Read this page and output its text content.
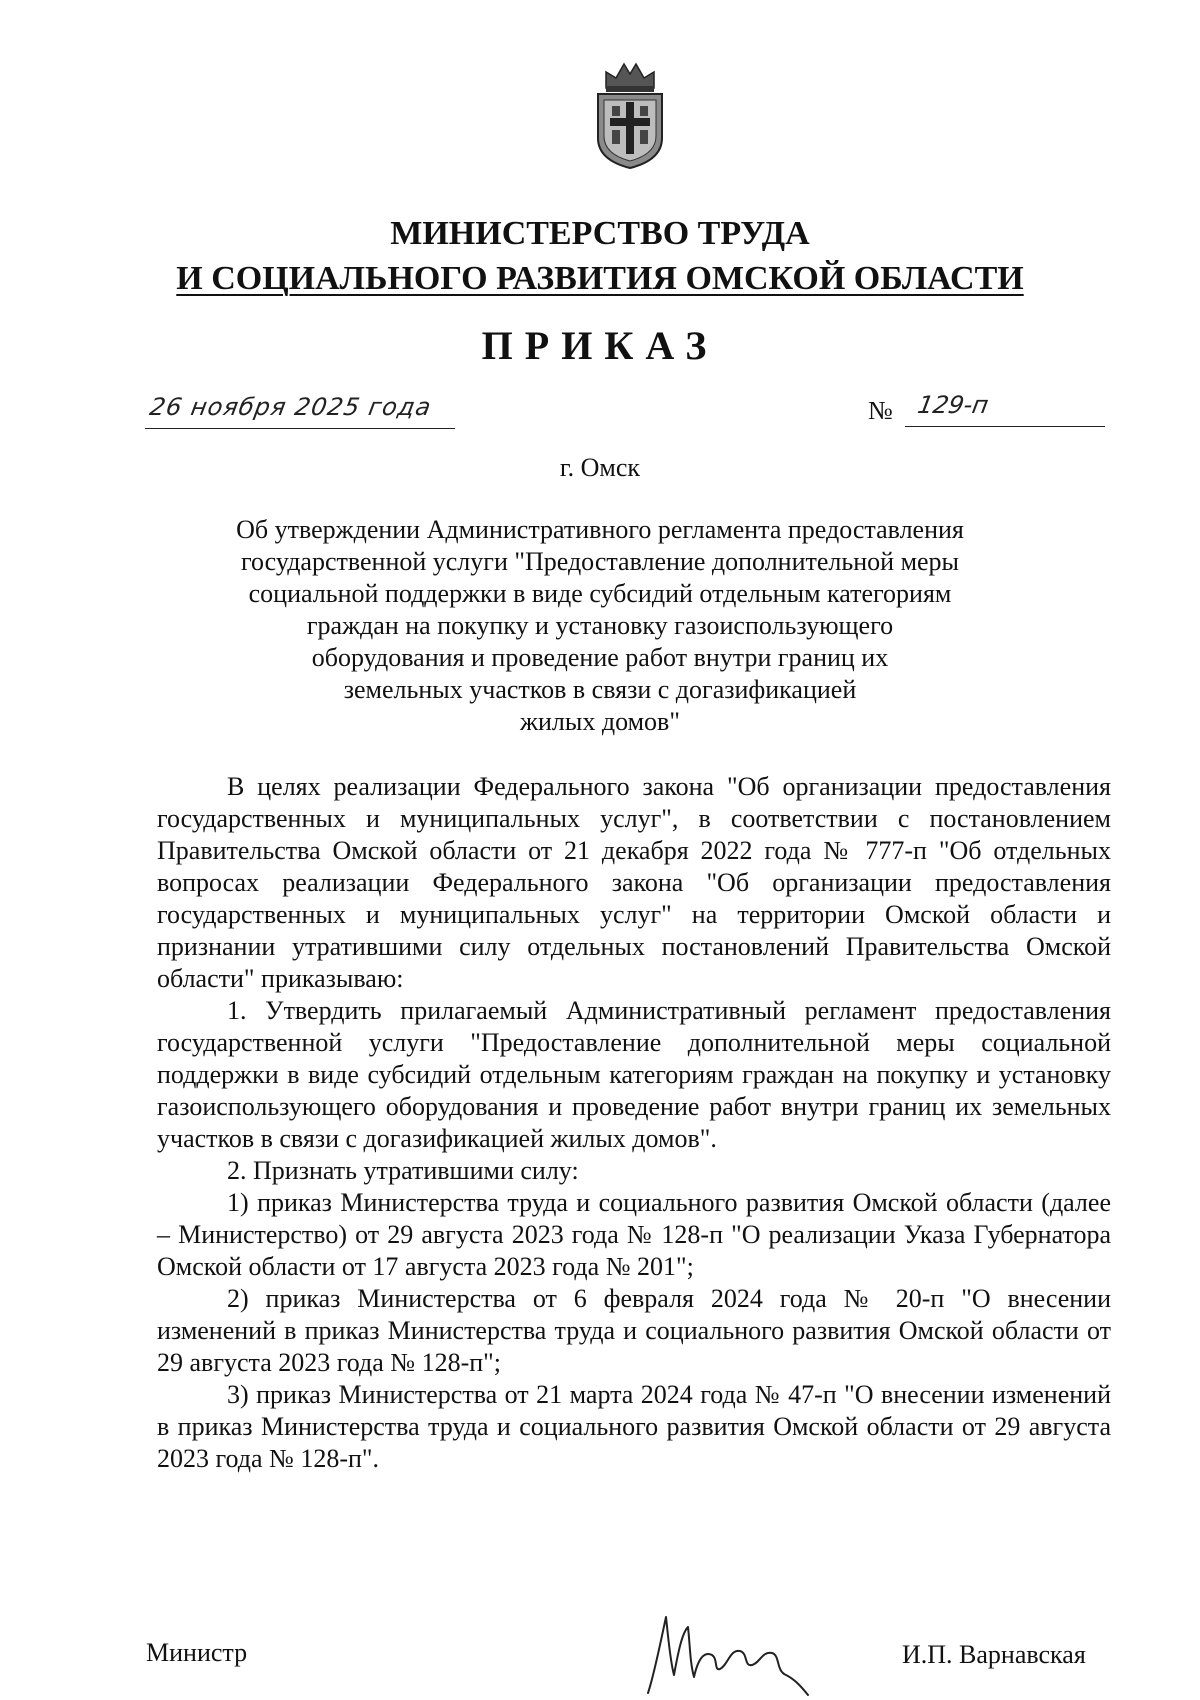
МИНИСТЕРСТВО ТРУДА
И СОЦИАЛЬНОГО РАЗВИТИЯ ОМСКОЙ ОБЛАСТИ
ПРИКАЗ
26 ноября 2025 года	№ 129-п
г. Омск
Об утверждении Административного регламента предоставления
государственной услуги "Предоставление дополнительной меры
социальной поддержки в виде субсидий отдельным категориям
граждан на покупку и установку газоиспользующего
оборудования и проведение работ внутри границ их
земельных участков в связи с догазификацией
жилых домов"

В целях реализации Федерального закона "Об организации предоставления государственных и муниципальных услуг", в соответствии с постановлением Правительства Омской области от 21 декабря 2022 года № 777-п "Об отдельных вопросах реализации Федерального закона "Об организации предоставления государственных и муниципальных услуг" на территории Омской области и признании утратившими силу отдельных постановлений Правительства Омской области" приказываю:

1. Утвердить прилагаемый Административный регламент предоставления государственной услуги "Предоставление дополнительной меры социальной поддержки в виде субсидий отдельным категориям граждан на покупку и установку газоиспользующего оборудования и проведение работ внутри границ их земельных участков в связи с догазификацией жилых домов".

2. Признать утратившими силу:

1) приказ Министерства труда и социального развития Омской области (далее – Министерство) от 29 августа 2023 года № 128-п "О реализации Указа Губернатора Омской области от 17 августа 2023 года № 201";

2) приказ Министерства от 6 февраля 2024 года № 20-п "О внесении изменений в приказ Министерства труда и социального развития Омской области от 29 августа 2023 года № 128-п";

3) приказ Министерства от 21 марта 2024 года № 47-п "О внесении изменений в приказ Министерства труда и социального развития Омской области от 29 августа 2023 года № 128-п".

Министр	И.П. Варнавская
